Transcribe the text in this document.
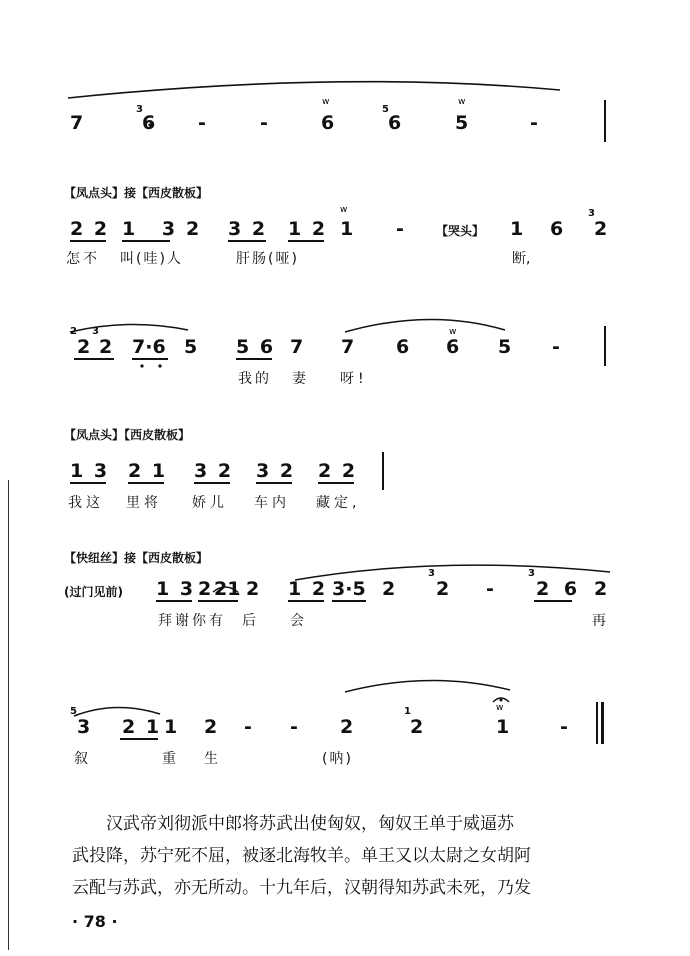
w	w
w
w
w
7
3
6 -	-	6
5
6	5	-
【凤点头】接【西皮散板】
2 2 1 3 2 3 2 1 2 1 -	【哭头】 1 6
3
2
怎不 叫(哇)人	肝肠(哑)	断,
2
2
3
2 7·6 5 5 6 7 7 6 6 5 -
我的 妻 呀!
【凤点头】【西皮散板】
1 3 2 1 3 2 3 2 2 2
我这 里将 娇儿 车内 藏定,
【快纽丝】接【西皮散板】
(过门见前) 1 3 2 21 2 1 2 3·5 2
3
2 -
3
2 6 2
拜谢你有 后 会	再
5
3 2 1 1 2 - - 2
1
2	1	-
叙	重 生	(呐)
汉武帝刘彻派中郎将苏武出使匈奴，匈奴王单于威逼苏
武投降，苏宁死不屈，被逐北海牧羊。单王又以太尉之女胡阿
云配与苏武，亦无所动。十九年后，汉朝得知苏武未死，乃发
· 78 ·
